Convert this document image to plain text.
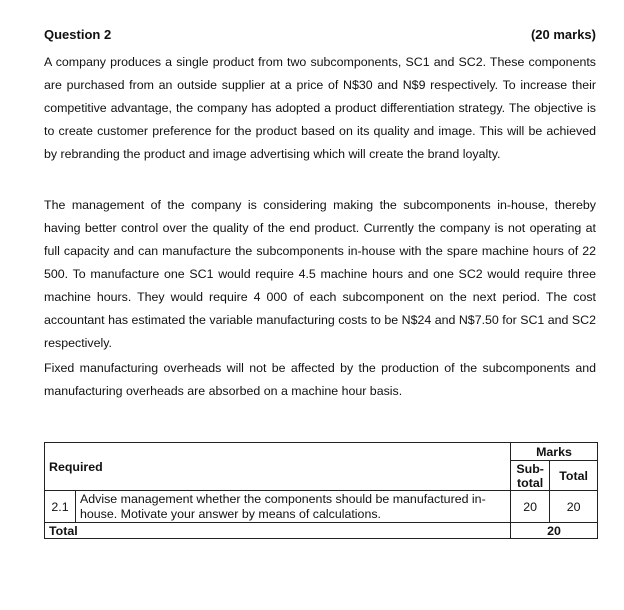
Question 2	(20 marks)

A company produces a single product from two subcomponents, SC1 and SC2. These components are purchased from an outside supplier at a price of N$30 and N$9 respectively. To increase their competitive advantage, the company has adopted a product differentiation strategy. The objective is to create customer preference for the product based on its quality and image. This will be achieved by rebranding the product and image advertising which will create the brand loyalty.

The management of the company is considering making the subcomponents in-house, thereby having better control over the quality of the end product. Currently the company is not operating at full capacity and can manufacture the subcomponents in-house with the spare machine hours of 22 500. To manufacture one SC1 would require 4.5 machine hours and one SC2 would require three machine hours. They would require 4 000 of each subcomponent on the next period. The cost accountant has estimated the variable manufacturing costs to be N$24 and N$7.50 for SC1 and SC2 respectively.

Fixed manufacturing overheads will not be affected by the production of the subcomponents and manufacturing overheads are absorbed on a machine hour basis.

Required		Marks	
		Sub-total	Total
2.1	Advise management whether the components should be manufactured in-house. Motivate your answer by means of calculations.	20	20
Total		20	
